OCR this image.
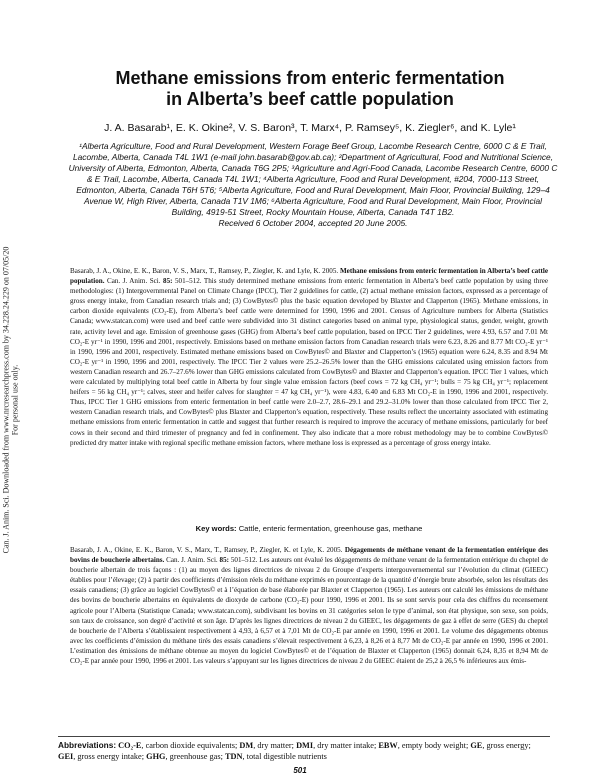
Can. J. Anim. Sci. Downloaded from www.nrcresearchpress.com by 34.228.24.229 on 07/05/20 For personal use only.
Methane emissions from enteric fermentation
in Alberta’s beef cattle population
J. A. Basarab¹, E. K. Okine², V. S. Baron³, T. Marx⁴, P. Ramsey⁵, K. Ziegler⁶, and K. Lyle¹
¹Alberta Agriculture, Food and Rural Development, Western Forage Beef Group, Lacombe Research Centre, 6000 C & E Trail, Lacombe, Alberta, Canada T4L 1W1 (e-mail john.basarab@gov.ab.ca); ²Department of Agricultural, Food and Nutritional Science, University of Alberta, Edmonton, Alberta, Canada T6G 2P5; ³Agriculture and Agri-Food Canada, Lacombe Research Centre, 6000 C & E Trail, Lacombe, Alberta, Canada T4L 1W1; ⁴Alberta Agriculture, Food and Rural Development, #204, 7000-113 Street, Edmonton, Alberta, Canada T6H 5T6; ⁵Alberta Agriculture, Food and Rural Development, Main Floor, Provincial Building, 129–4 Avenue W, High River, Alberta, Canada T1V 1M6; ⁶Alberta Agriculture, Food and Rural Development, Main Floor, Provincial Building, 4919-51 Street, Rocky Mountain House, Alberta, Canada T4T 1B2.
Received 6 October 2004, accepted 20 June 2005.
Basarab, J. A., Okine, E. K., Baron, V. S., Marx, T., Ramsey, P., Ziegler, K. and Lyle, K. 2005. Methane emissions from enteric fermentation in Alberta’s beef cattle population. Can. J. Anim. Sci. 85: 501–512. This study determined methane emissions from enteric fermentation in Alberta’s beef cattle population by using three methodologies: (1) Intergovernmental Panel on Climate Change (IPCC), Tier 2 guidelines for cattle, (2) actual methane emission factors, expressed as a percentage of gross energy intake, from Canadian research trials and; (3) CowBytes© plus the basic equation developed by Blaxter and Clapperton (1965). Methane emissions, in carbon dioxide equivalents (CO₂-E), from Alberta’s beef cattle were determined for 1990, 1996 and 2001. Census of Agriculture numbers for Alberta (Statistics Canada; www.statcan.com) were used and beef cattle were subdivided into 31 distinct categories based on animal type, physiological status, gender, weight, growth rate, activity level and age. Emission of greenhouse gases (GHG) from Alberta’s beef cattle population, based on IPCC Tier 2 guidelines, were 4.93, 6.57 and 7.01 Mt CO₂-E yr⁻¹ in 1990, 1996 and 2001, respectively. Emissions based on methane emission factors from Canadian research trials were 6.23, 8.26 and 8.77 Mt CO₂-E yr⁻¹ in 1990, 1996 and 2001, respectively. Estimated methane emissions based on CowBytes© and Blaxter and Clapperton’s (1965) equation were 6.24, 8.35 and 8.94 Mt CO₂-E yr⁻¹ in 1990, 1996 and 2001, respectively. The IPCC Tier 2 values were 25.2–26.5% lower than the GHG emissions calculated using emission factors from western Canadian research and 26.7–27.6% lower than GHG emissions calculated from CowBytes© and Blaxter and Clapperton’s equation. IPCC Tier 1 values, which were calculated by multiplying total beef cattle in Alberta by four single value emission factors (beef cows = 72 kg CH₄ yr⁻¹; bulls = 75 kg CH₄ yr⁻¹; replacement heifers = 56 kg CH₄ yr⁻¹; calves, steer and heifer calves for slaughter = 47 kg CH₄ yr⁻¹), were 4.83, 6.40 and 6.83 Mt CO₂-E in 1990, 1996 and 2001, respectively. Thus, IPCC Tier 1 GHG emissions from enteric fermentation in beef cattle were 2.0–2.7, 28.6–29.1 and 29.2–31.0% lower than those calculated from IPCC Tier 2, western Canadian research trials, and CowBytes© plus Blaxter and Clapperton’s equation, respectively. These results reflect the uncertainty associated with estimating methane emissions from enteric fermentation in cattle and suggest that further research is required to improve the accuracy of methane emissions, particularly for beef cows in their second and third trimester of pregnancy and fed in confinement. They also indicate that a more robust methodology may be to combine CowBytes© predicted dry matter intake with regional specific methane emission factors, where methane loss is expressed as a percentage of gross energy intake.
Key words: Cattle, enteric fermentation, greenhouse gas, methane
Basarab, J. A., Okine, E. K., Baron, V. S., Marx, T., Ramsey, P., Ziegler, K. et Lyle, K. 2005. Dégagements de méthane venant de la fermentation entérique des bovins de boucherie albertains. Can. J. Anim. Sci. 85: 501–512. Les auteurs ont évalué les dégagements de méthane venant de la fermentation entérique du cheptel de boucherie albertain de trois façons : (1) au moyen des lignes directrices de niveau 2 du Groupe d’experts intergouvernemental sur l’évolution du climat (GIEEC) établies pour l’élevage; (2) à partir des coefficients d’émission réels du méthane exprimés en pourcentage de la quantité d’énergie brute absorbée, selon les résultats des essais canadiens; (3) grâce au logiciel CowBytes© et à l’équation de base élaborée par Blaxter et Clapperton (1965). Les auteurs ont calculé les émissions de méthane des bovins de boucherie albertains en équivalents de dioxyde de carbone (CO₂-E) pour 1990, 1996 et 2001. Ils se sont servis pour cela des chiffres du recensement agricole pour l’Alberta (Statistique Canada; www.statcan.com), subdivisant les bovins en 31 catégories selon le type d’animal, son état physique, son sexe, son poids, son taux de croissance, son degré d’activité et son âge. D’après les lignes directrices de niveau 2 du GIEEC, les dégagements de gaz à effet de serre (GES) du cheptel de boucherie de l’Alberta s’établissaient respectivement à 4,93, à 6,57 et à 7,01 Mt de CO₂-E par année en 1990, 1996 et 2001. Le volume des dégagements obtenus avec les coefficients d’émission du méthane tirés des essais canadiens s’élevait respectivement à 6,23, à 8,26 et à 8,77 Mt de CO₂-E par année en 1990, 1996 et 2001. L’estimation des émissions de méthane obtenue au moyen du logiciel CowBytes© et de l’équation de Blaxter et Clapperton (1965) donnait 6,24, 8,35 et 8,94 Mt de CO₂-E par année pour 1990, 1996 et 2001. Les valeurs s’appuyant sur les lignes directrices de niveau 2 du GIEEC étaient de 25,2 à 26,5 % inférieures aux émis-
Abbreviations: CO₂-E, carbon dioxide equivalents; DM, dry matter; DMI, dry matter intake; EBW, empty body weight; GE, gross energy; GEI, gross energy intake; GHG, greenhouse gas; TDN, total digestible nutrients
501
